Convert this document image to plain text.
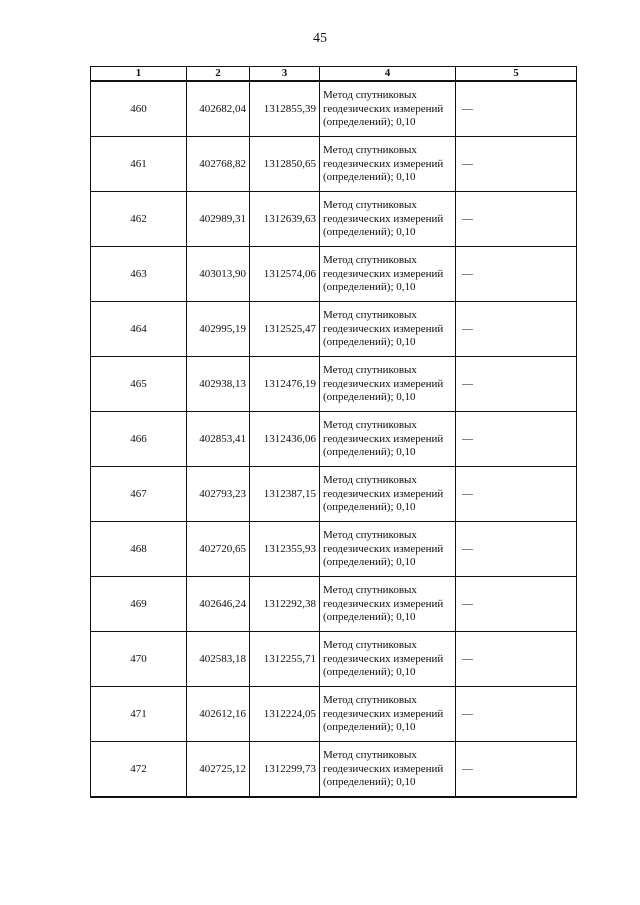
45
1	2	3	4	5
460	402682,04	1312855,39	Метод спутниковых геодезических измерений (определений); 0,10	—
461	402768,82	1312850,65	Метод спутниковых геодезических измерений (определений); 0,10	—
462	402989,31	1312639,63	Метод спутниковых геодезических измерений (определений); 0,10	—
463	403013,90	1312574,06	Метод спутниковых геодезических измерений (определений); 0,10	—
464	402995,19	1312525,47	Метод спутниковых геодезических измерений (определений); 0,10	—
465	402938,13	1312476,19	Метод спутниковых геодезических измерений (определений); 0,10	—
466	402853,41	1312436,06	Метод спутниковых геодезических измерений (определений); 0,10	—
467	402793,23	1312387,15	Метод спутниковых геодезических измерений (определений); 0,10	—
468	402720,65	1312355,93	Метод спутниковых геодезических измерений (определений); 0,10	—
469	402646,24	1312292,38	Метод спутниковых геодезических измерений (определений); 0,10	—
470	402583,18	1312255,71	Метод спутниковых геодезических измерений (определений); 0,10	—
471	402612,16	1312224,05	Метод спутниковых геодезических измерений (определений); 0,10	—
472	402725,12	1312299,73	Метод спутниковых геодезических измерений (определений); 0,10	—
